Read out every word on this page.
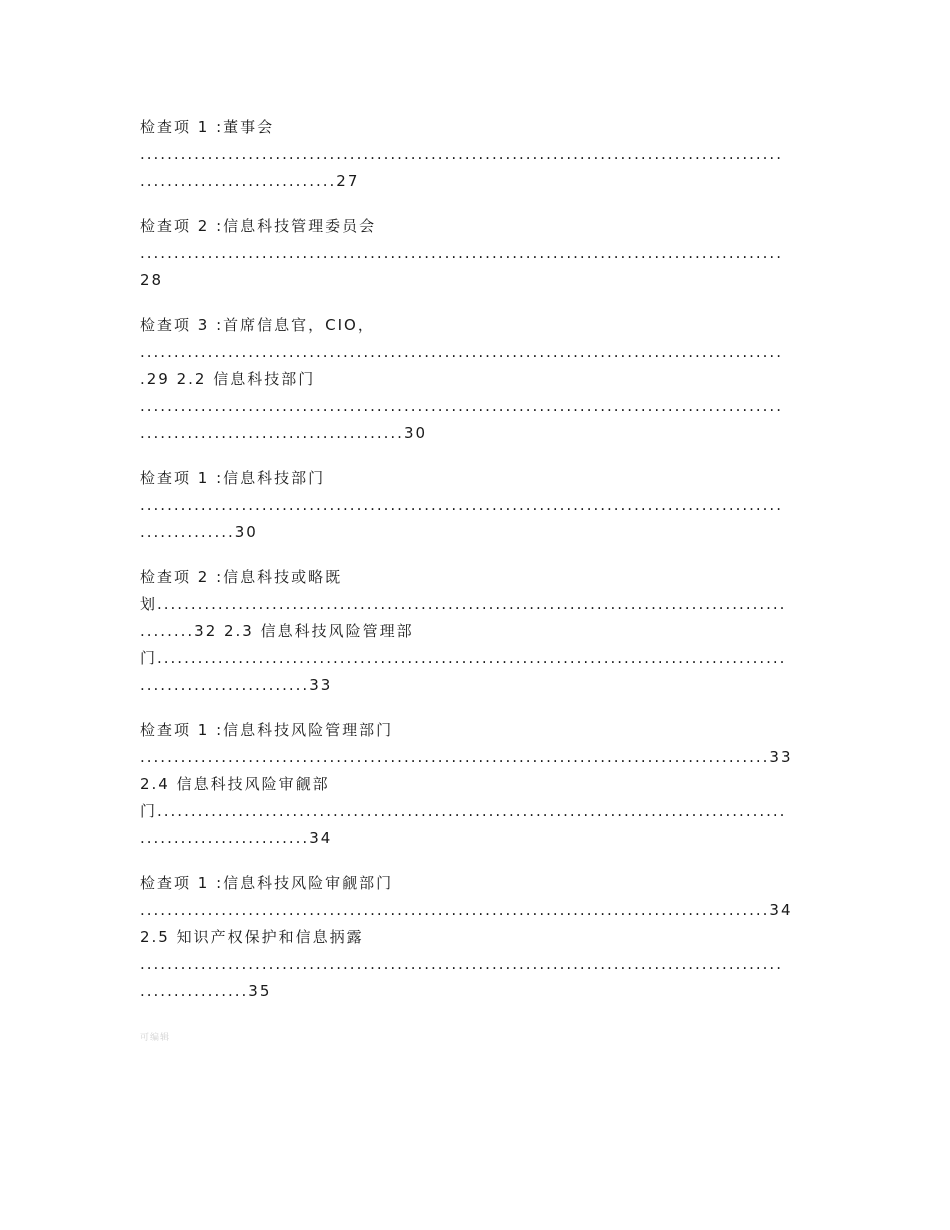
检查项 1 :董事会
...............................................................................................
.............................27
检查项 2 :信息科技管理委员会
...............................................................................................
28
检查项 3 :首席信息官，CIO，
...............................................................................................
.29 2.2 信息科技部门
...............................................................................................
.......................................30
检查项 1 :信息科技部门
...............................................................................................
..............30
检查项 2 :信息科技或略既
划.............................................................................................
........32 2.3 信息科技风险管理部
门.............................................................................................
.........................33
检查项 1 :信息科技风险管理部门
.............................................................................................33
2.4 信息科技风险审觎部
门.............................................................................................
.........................34
检查项 1 :信息科技风险审觎部门
.............................................................................................34
2.5 知识产权保护和信息抦露
...............................................................................................
................35
可编辑
